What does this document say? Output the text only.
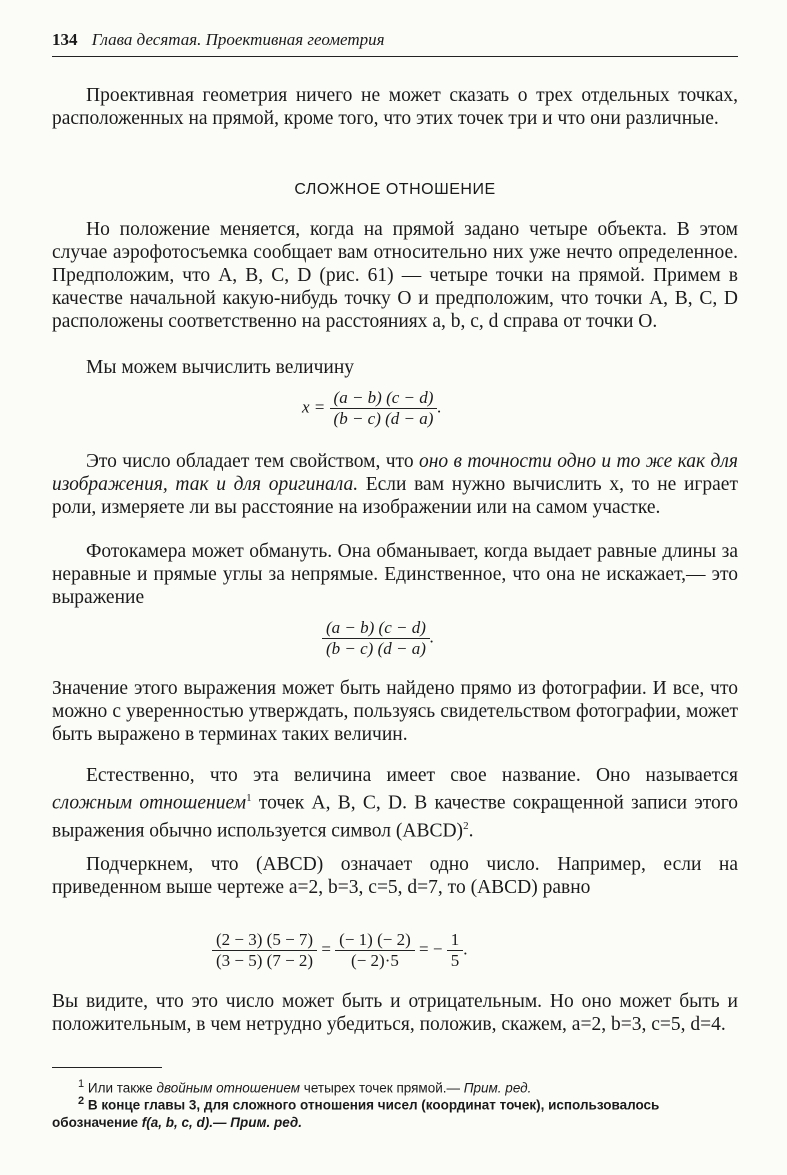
134 Глава десятая. Проективная геометрия

Проективная геометрия ничего не может сказать о трех отдельных точках, расположенных на прямой, кроме того, что этих точек три и что они различные.

СЛОЖНОЕ ОТНОШЕНИЕ

Но положение меняется, когда на прямой задано четыре объекта. В этом случае аэрофотосъемка сообщает вам относительно них уже нечто определенное. Предположим, что A, B, C, D (рис. 61) — четыре точки на прямой. Примем в качестве начальной какую-нибудь точку O и предположим, что точки A, B, C, D расположены соответственно на расстояниях a, b, c, d справа от точки O.

Мы можем вычислить величину

$x = \frac{(a - b) (c - d)}{(b - c) (d - a)}$ .

Это число обладает тем свойством, что оно в точности одно и то же как для изображения, так и для оригинала. Если вам нужно вычислить x, то не играет роли, измеряете ли вы расстояние на изображении или на самом участке.

Фотокамера может обмануть. Она обманывает, когда выдает равные длины за неравные и прямые углы за непрямые. Единственное, что она не искажает,— это выражение

$\frac{(a - b) (c - d)}{(b - c) (d - a)}$ .

Значение этого выражения может быть найдено прямо из фотографии. И все, что можно с уверенностью утверждать, пользуясь свидетельством фотографии, может быть выражено в терминах таких величин.

Естественно, что эта величина имеет свое название. Оно называется сложным отношением$^1$ точек A, B, C, D. В качестве сокращенной записи этого выражения обычно используется символ (ABCD)$^2$.

Подчеркнем, что (ABCD) означает одно число. Например, если на приведенном выше чертеже a=2, b=3, c=5, d=7, то (ABCD) равно

$\frac{(2 - 3) (5 - 7)}{(3 - 5) (7 - 2)} = \frac{(- 1) (- 2)}{(- 2)\cdot 5}$ = − $\frac{1}{5}$ .

Вы видите, что это число может быть и отрицательным. Но оно может быть и положительным, в чем нетрудно убедиться, положив, скажем, a=2, b=3, c=5, d=4.

$^1$ Или также двойным отношением четырех точек прямой.— Прим. ред.

$^2$ В конце главы 3, для сложного отношения чисел (координат точек), использовалось обозначение f(a, b, c, d).— Прим. ред.
